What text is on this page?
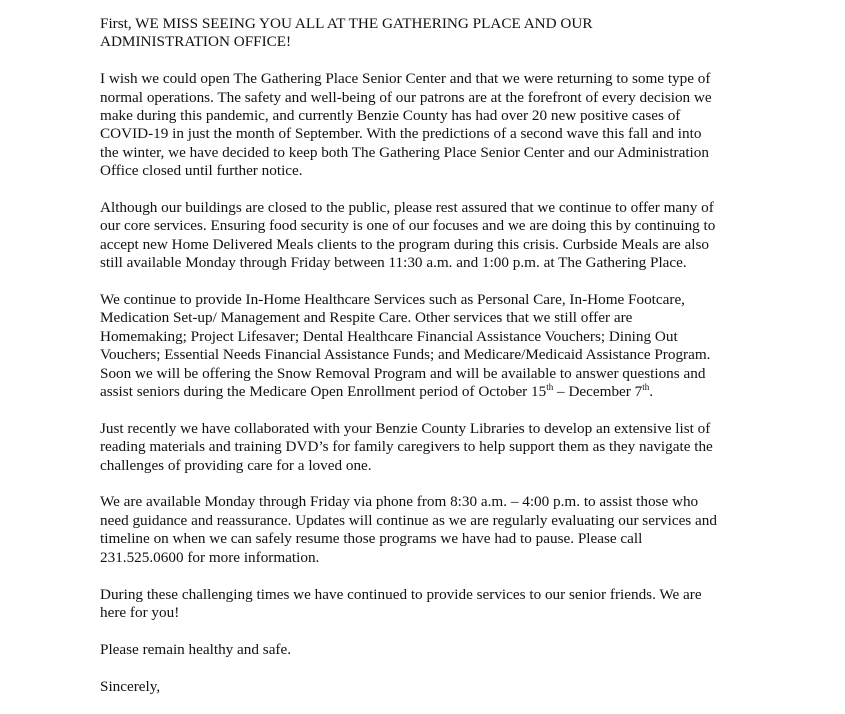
First, WE MISS SEEING YOU ALL AT THE GATHERING PLACE AND OUR
ADMINISTRATION OFFICE!

I wish we could open The Gathering Place Senior Center and that we were returning to some type of
normal operations. The safety and well-being of our patrons are at the forefront of every decision we
make during this pandemic, and currently Benzie County has had over 20 new positive cases of
COVID-19 in just the month of September. With the predictions of a second wave this fall and into
the winter, we have decided to keep both The Gathering Place Senior Center and our Administration
Office closed until further notice.

Although our buildings are closed to the public, please rest assured that we continue to offer many of
our core services. Ensuring food security is one of our focuses and we are doing this by continuing to
accept new Home Delivered Meals clients to the program during this crisis. Curbside Meals are also
still available Monday through Friday between 11:30 a.m. and 1:00 p.m. at The Gathering Place.

We continue to provide In-Home Healthcare Services such as Personal Care, In-Home Footcare,
Medication Set-up/ Management and Respite Care. Other services that we still offer are
Homemaking; Project Lifesaver; Dental Healthcare Financial Assistance Vouchers; Dining Out
Vouchers; Essential Needs Financial Assistance Funds; and Medicare/Medicaid Assistance Program.
Soon we will be offering the Snow Removal Program and will be available to answer questions and
assist seniors during the Medicare Open Enrollment period of October 15th – December 7th.

Just recently we have collaborated with your Benzie County Libraries to develop an extensive list of
reading materials and training DVD’s for family caregivers to help support them as they navigate the
challenges of providing care for a loved one.

We are available Monday through Friday via phone from 8:30 a.m. – 4:00 p.m. to assist those who
need guidance and reassurance. Updates will continue as we are regularly evaluating our services and
timeline on when we can safely resume those programs we have had to pause. Please call
231.525.0600 for more information.

During these challenging times we have continued to provide services to our senior friends. We are
here for you!

Please remain healthy and safe.

Sincerely,
